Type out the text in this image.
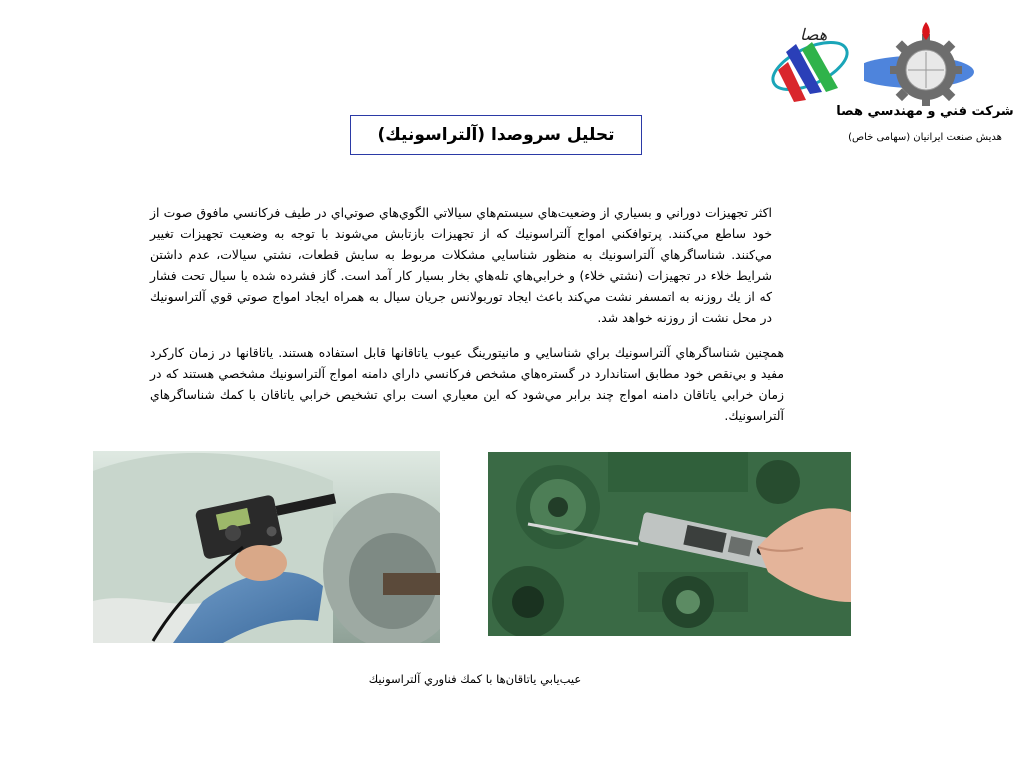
ﻫﺼﺎ
شركت فني و مهندسي هصا
هدیش صنعت ایرانیان (سهامی خاص)
تحليل سروصدا (آلتراسونيك)
اكثر تجهيزات دوراني و بسياري از وضعيت‌هاي سيستم‌هاي سيالاتي الگوي‌هاي صوتي‌اي در طيف فركانسي مافوق صوت از خود ساطع مي‌كنند. پرتوافكني امواج آلتراسونيك كه از تجهيزات بازتابش مي‌شوند با توجه به وضعيت تجهيزات تغيير مي‌كنند. شناساگرهاي آلتراسونيك به منظور شناسايي مشكلات مربوط به سايش قطعات، نشتي سيالات، عدم داشتن شرايط خلاء در تجهيزات (نشتي خلاء) و خرابي‌هاي تله‌هاي بخار بسيار كار آمد است. گاز فشرده شده يا سيال تحت فشار كه از يك روزنه به اتمسفر نشت مي‌كند باعث ايجاد توربولانس جريان سيال به همراه ايجاد امواج صوتي قوي آلتراسونيك در محل نشت از روزنه خواهد شد.
همچنين شناساگرهاي آلتراسونيك براي شناسايي و مانيتورينگ عيوب ياتاقانها قابل استفاده هستند. ياتاقانها در زمان كاركرد مفيد و بي‌نقص خود مطابق استاندارد در گستره‌هاي مشخص فركانسي داراي دامنه امواج آلتراسونيك مشخصي هستند كه در زمان خرابي ياتاقان دامنه امواج چند برابر مي‌شود كه اين معياري است براي تشخيص خرابي ياتاقان با كمك شناساگرهاي آلتراسونيك.
عيب‌يابي ياتاقان‌ها با كمك فناوري آلتراسونيك
